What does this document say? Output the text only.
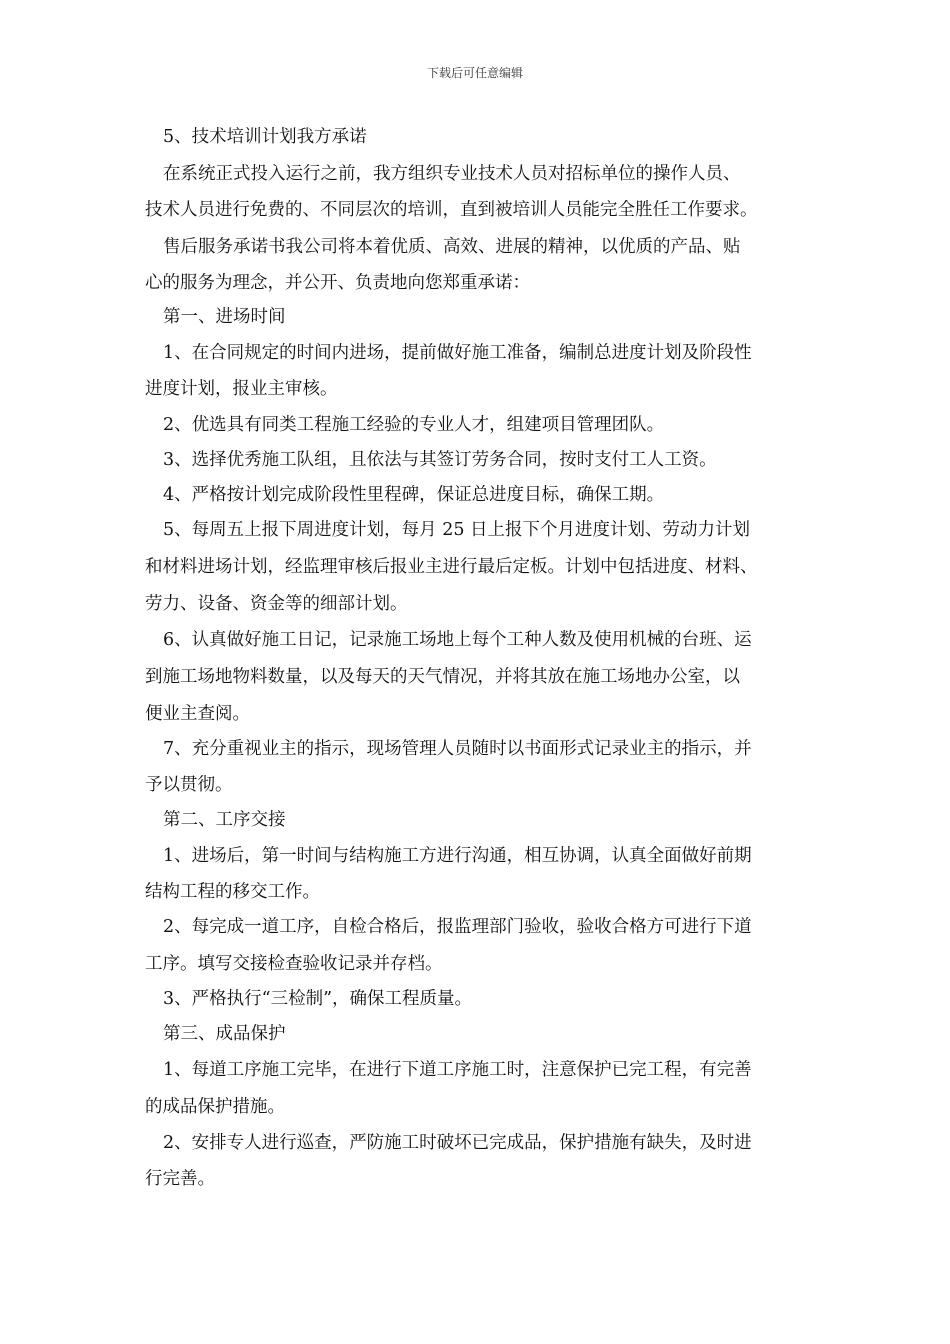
下载后可任意编辑
5、技术培训计划我方承诺
在系统正式投入运行之前，我方组织专业技术人员对招标单位的操作人员、
技术人员进行免费的、不同层次的培训，直到被培训人员能完全胜任工作要求。
售后服务承诺书我公司将本着优质、高效、进展的精神，以优质的产品、贴
心的服务为理念，并公开、负责地向您郑重承诺：
第一、进场时间
1、在合同规定的时间内进场，提前做好施工准备，编制总进度计划及阶段性
进度计划，报业主审核。
2、优选具有同类工程施工经验的专业人才，组建项目管理团队。
3、选择优秀施工队组，且依法与其签订劳务合同，按时支付工人工资。
4、严格按计划完成阶段性里程碑，保证总进度目标，确保工期。
5、每周五上报下周进度计划，每月 25 日上报下个月进度计划、劳动力计划
和材料进场计划，经监理审核后报业主进行最后定板。计划中包括进度、材料、
劳力、设备、资金等的细部计划。
6、认真做好施工日记，记录施工场地上每个工种人数及使用机械的台班、运
到施工场地物料数量，以及每天的天气情况，并将其放在施工场地办公室，以
便业主查阅。
7、充分重视业主的指示，现场管理人员随时以书面形式记录业主的指示，并
予以贯彻。
第二、工序交接
1、进场后，第一时间与结构施工方进行沟通，相互协调，认真全面做好前期
结构工程的移交工作。
2、每完成一道工序，自检合格后，报监理部门验收，验收合格方可进行下道
工序。填写交接检查验收记录并存档。
3、严格执行“三检制”，确保工程质量。
第三、成品保护
1、每道工序施工完毕，在进行下道工序施工时，注意保护已完工程，有完善
的成品保护措施。
2、安排专人进行巡查，严防施工时破坏已完成品，保护措施有缺失，及时进
行完善。
